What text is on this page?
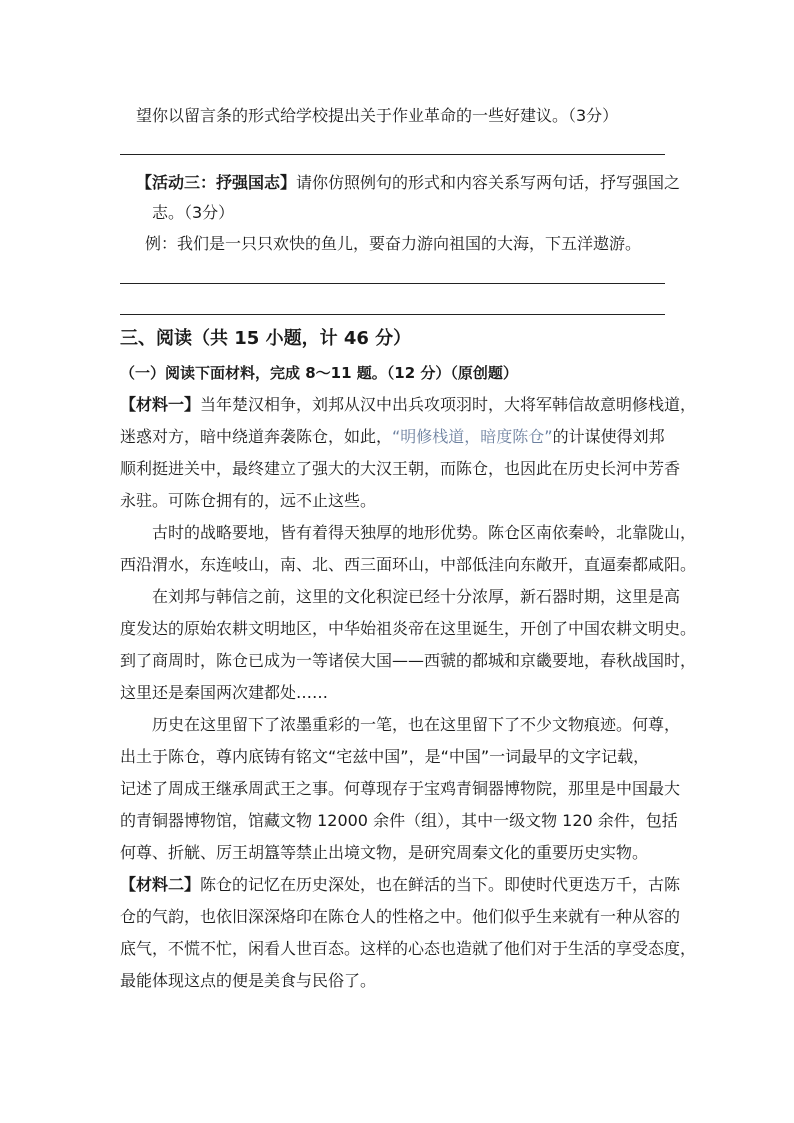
望你以留言条的形式给学校提出关于作业革命的一些好建议。（3分）
【活动三：抒强国志】请你仿照例句的形式和内容关系写两句话，抒写强国之
志。（3分）
例：我们是一只只欢快的鱼儿，要奋力游向祖国的大海，下五洋遨游。
三、阅读（共 15 小题，计 46 分）
（一）阅读下面材料，完成 8～11 题。（12 分）（原创题）
【材料一】当年楚汉相争，刘邦从汉中出兵攻项羽时，大将军韩信故意明修栈道，
迷惑对方，暗中绕道奔袭陈仓，如此，“明修栈道，暗度陈仓”的计谋使得刘邦
顺利挺进关中，最终建立了强大的大汉王朝，而陈仓，也因此在历史长河中芳香
永驻。可陈仓拥有的，远不止这些。
古时的战略要地，皆有着得天独厚的地形优势。陈仓区南依秦岭，北靠陇山，
西沿渭水，东连岐山，南、北、西三面环山，中部低洼向东敞开，直逼秦都咸阳。
在刘邦与韩信之前，这里的文化积淀已经十分浓厚，新石器时期，这里是高
度发达的原始农耕文明地区，中华始祖炎帝在这里诞生，开创了中国农耕文明史。
到了商周时，陈仓已成为一等诸侯大国——西虢的都城和京畿要地，春秋战国时，
这里还是秦国两次建都处……
历史在这里留下了浓墨重彩的一笔，也在这里留下了不少文物痕迹。何尊，
出土于陈仓，尊内底铸有铭文“宅兹中国”，是“中国”一词最早的文字记载，
记述了周成王继承周武王之事。何尊现存于宝鸡青铜器博物院，那里是中国最大
的青铜器博物馆，馆藏文物 12000 余件（组），其中一级文物 120 余件，包括
何尊、折觥、厉王胡簋等禁止出境文物，是研究周秦文化的重要历史实物。
【材料二】陈仓的记忆在历史深处，也在鲜活的当下。即使时代更迭万千，古陈
仓的气韵，也依旧深深烙印在陈仓人的性格之中。他们似乎生来就有一种从容的
底气，不慌不忙，闲看人世百态。这样的心态也造就了他们对于生活的享受态度，
最能体现这点的便是美食与民俗了。
